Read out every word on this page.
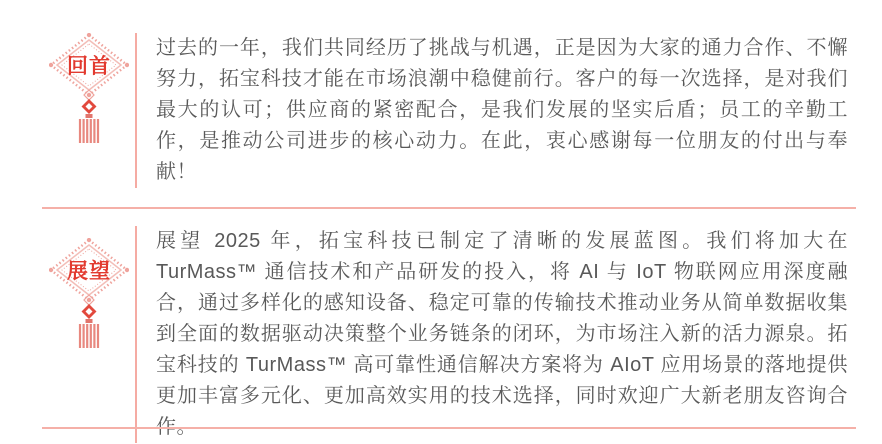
回首

过去的一年，我们共同经历了挑战与机遇，正是因为大家的通力合作、不懈努力，拓宝科技才能在市场浪潮中稳健前行。客户的每一次选择，是对我们最大的认可；供应商的紧密配合，是我们发展的坚实后盾；员工的辛勤工作，是推动公司进步的核心动力。在此，衷心感谢每一位朋友的付出与奉献！

展望

展望 2025 年，拓宝科技已制定了清晰的发展蓝图。我们将加大在TurMass™ 通信技术和产品研发的投入，将 AI 与 IoT 物联网应用深度融合，通过多样化的感知设备、稳定可靠的传输技术推动业务从简单数据收集到全面的数据驱动决策整个业务链条的闭环，为市场注入新的活力源泉。拓宝科技的 TurMass™ 高可靠性通信解决方案将为 AIoT 应用场景的落地提供更加丰富多元化、更加高效实用的技术选择，同时欢迎广大新老朋友咨询合作。
